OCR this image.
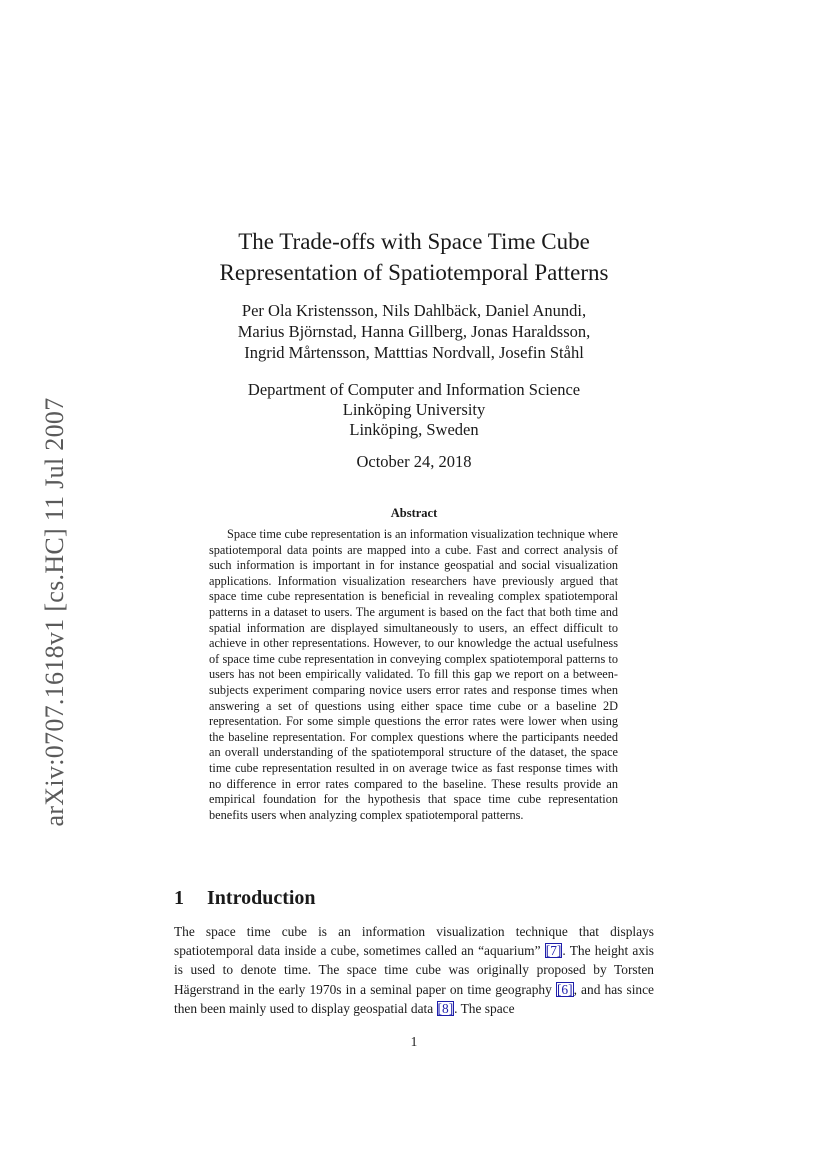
arXiv:0707.1618v1 [cs.HC] 11 Jul 2007
The Trade-offs with Space Time Cube
Representation of Spatiotemporal Patterns
Per Ola Kristensson, Nils Dahlbäck, Daniel Anundi,
Marius Björnstad, Hanna Gillberg, Jonas Haraldsson,
Ingrid Mårtensson, Matttias Nordvall, Josefin Ståhl
Department of Computer and Information Science
Linköping University
Linköping, Sweden
October 24, 2018
Abstract
Space time cube representation is an information visualization technique where spatiotemporal data points are mapped into a cube. Fast and correct analysis of such information is important in for instance geospatial and social visualization applications. Information visualization researchers have previously argued that space time cube representation is beneficial in revealing complex spatiotemporal patterns in a dataset to users. The argument is based on the fact that both time and spatial information are displayed simultaneously to users, an effect difficult to achieve in other representations. However, to our knowledge the actual usefulness of space time cube representation in conveying complex spatiotemporal patterns to users has not been empirically validated. To fill this gap we report on a between-subjects experiment comparing novice users error rates and response times when answering a set of questions using either space time cube or a baseline 2D representation. For some simple questions the error rates were lower when using the baseline representation. For complex questions where the participants needed an overall understanding of the spatiotemporal structure of the dataset, the space time cube representation resulted in on average twice as fast response times with no difference in error rates compared to the baseline. These results provide an empirical foundation for the hypothesis that space time cube representation benefits users when analyzing complex spatiotemporal patterns.
1 Introduction
The space time cube is an information visualization technique that displays spatiotemporal data inside a cube, sometimes called an “aquarium” [7]. The height axis is used to denote time. The space time cube was originally proposed by Torsten Hägerstrand in the early 1970s in a seminal paper on time geography [6], and has since then been mainly used to display geospatial data [8]. The space
1
